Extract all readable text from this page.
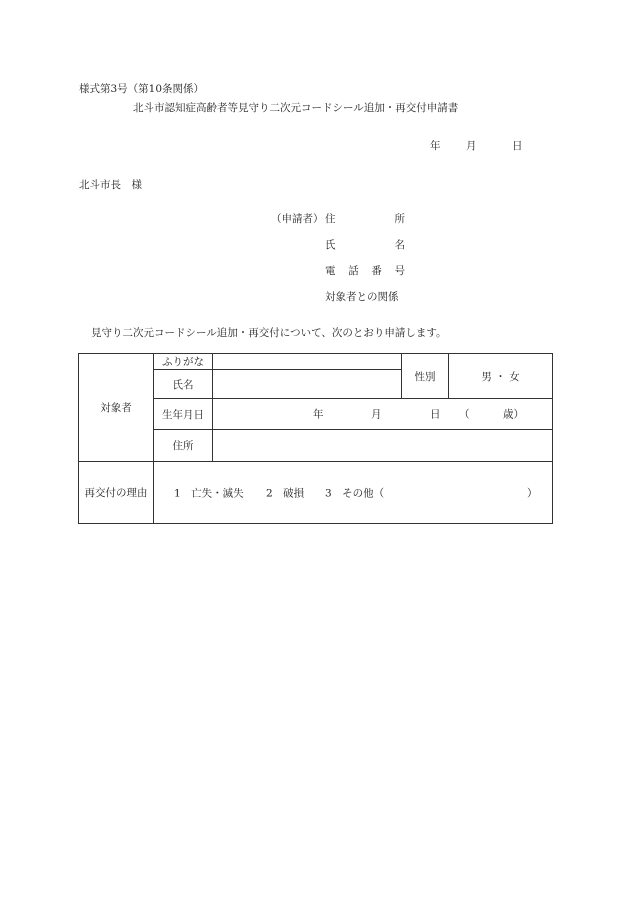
様式第3号（第10条関係）
北斗市認知症高齢者等見守り二次元コードシール追加・再交付申請書
年 月	日
北斗市長　様
（申請者） 住	所
氏	名
電 話 番 号
対象者との関係
見守り二次元コードシール追加・再交付について、次のとおり申請します。
対象者	ふりがな		性別	男 ・ 女
	氏名			
	生年月日	年 月 日 （ 歳）		

	住所			
再交付の理由	1　亡失・滅失 2　破損 3　その他（ ）			
